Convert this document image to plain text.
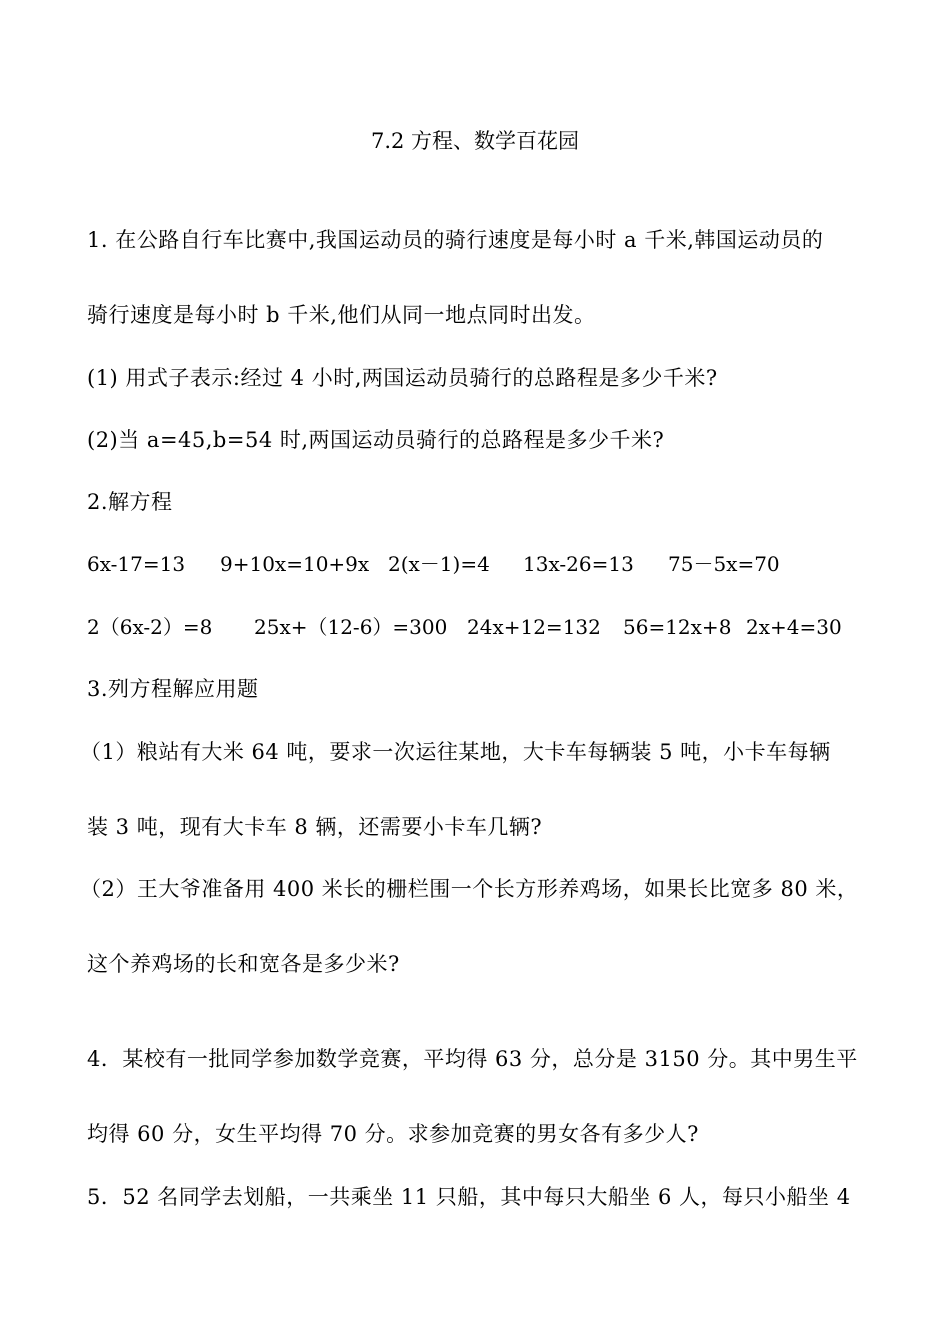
7.2 方程、数学百花园
1. 在公路自行车比赛中,我国运动员的骑行速度是每小时 a 千米,韩国运动员的
骑行速度是每小时 b 千米,他们从同一地点同时出发。
(1) 用式子表示:经过 4 小时,两国运动员骑行的总路程是多少千米?
(2)当 a=45,b=54 时,两国运动员骑行的总路程是多少千米?
2.解方程
6x-17=13 9+10x=10+9x 2(x－1)=4 13x-26=13 75－5x=70
2（6x-2）=8 25x+（12-6）=300 24x+12=132 56=12x+8 2x+4=30
3.列方程解应用题
（1）粮站有大米 64 吨，要求一次运往某地，大卡车每辆装 5 吨，小卡车每辆
装 3 吨，现有大卡车 8 辆，还需要小卡车几辆?
（2）王大爷准备用 400 米长的栅栏围一个长方形养鸡场，如果长比宽多 80 米，
这个养鸡场的长和宽各是多少米?
4．某校有一批同学参加数学竞赛，平均得 63 分，总分是 3150 分。其中男生平
均得 60 分，女生平均得 70 分。求参加竞赛的男女各有多少人?
5．52 名同学去划船，一共乘坐 11 只船，其中每只大船坐 6 人，每只小船坐 4
